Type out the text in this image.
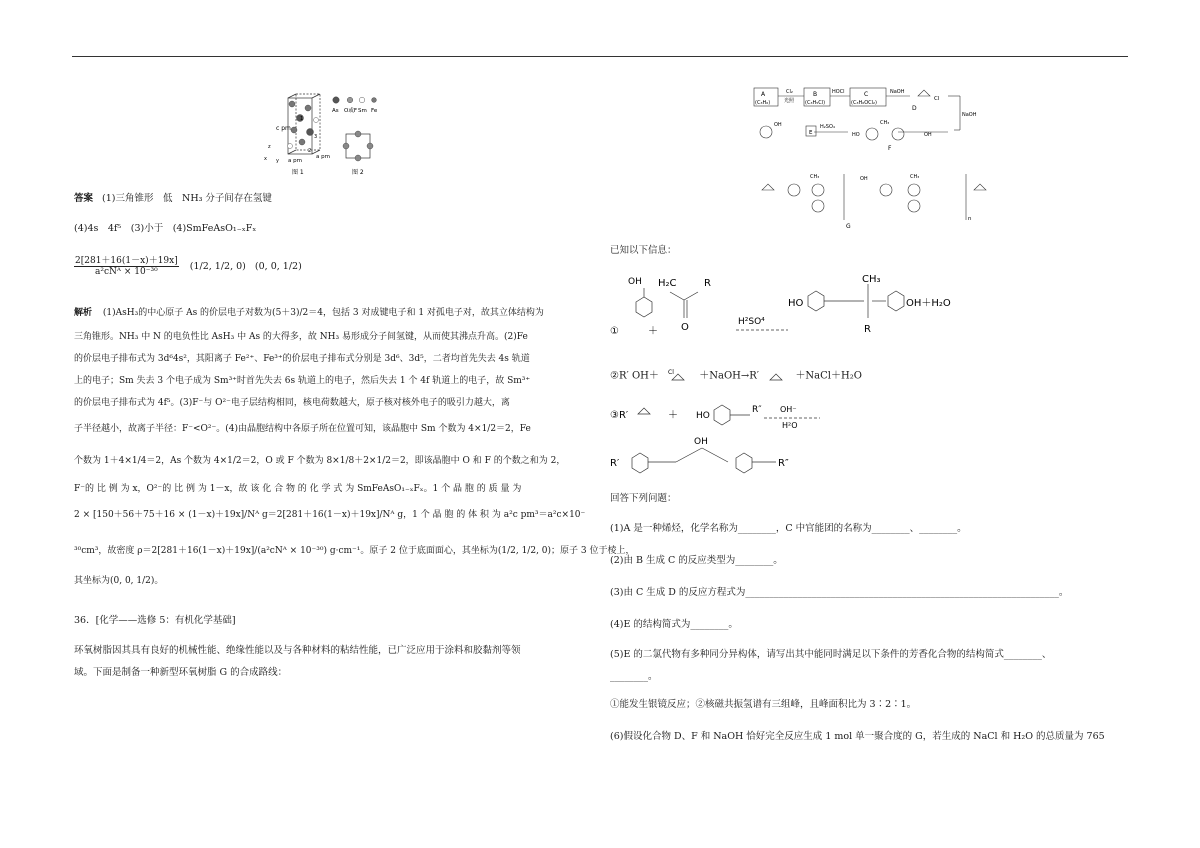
c pm
1
2
3
z
x y a pm
a pm
图 1
As O或F Sm Fe
图 2
答案 (1)三角锥形　低　NH₃ 分子间存在氢键
(4)4s　4f⁵　(3)小于　(4)SmFeAsO₁₋ₓFₓ
$\frac{2[281+16(1-x)+19x]}{\text{a²cNᴬ × 10⁻³⁰}} (1/2$, 1/2, 0) (0, 0, 1/2)
解析 (1)AsH₃的中心原子 As 的价层电子对数为(5＋3)/2＝4，包括 3 对成键电子和 1 对孤电子对，故其立体结构为
三角锥形。NH₃ 中 N 的电负性比 AsH₃ 中 As 的大得多，故 NH₃ 易形成分子间氢键，从而使其沸点升高。(2)Fe
的价层电子排布式为 3d⁶4s²，其阳离子 Fe²⁺、Fe³⁺的价层电子排布式分别是 3d⁶、3d⁵，二者均首先失去 4s 轨道
上的电子；Sm 失去 3 个电子成为 Sm³⁺时首先失去 6s 轨道上的电子，然后失去 1 个 4f 轨道上的电子，故 Sm³⁺
的价层电子排布式为 4f⁵。(3)F⁻与 O²⁻电子层结构相同，核电荷数越大，原子核对核外电子的吸引力越大，离
子半径越小，故离子半径：F⁻<O²⁻。(4)由晶胞结构中各原子所在位置可知，该晶胞中 Sm 个数为 4×1/2＝2，Fe
个数为 1＋4×1/4＝2，As 个数为 4×1/2＝2，O 或 F 个数为 8×1/8＋2×1/2＝2，即该晶胞中 O 和 F 的个数之和为 2，
F⁻的 比 例 为 x，O²⁻的 比 例 为 1－x，故 该 化 合 物 的 化 学 式 为 SmFeAsO₁₋ₓFₓ。1 个 晶 胞 的 质 量 为
2 × [150＋56＋75＋16 × (1－x)＋19x]/Nᴬ g＝2[281＋16(1－x)＋19x]/Nᴬ g，1 个 晶 胞 的 体 积 为 a²c pm³＝a²c×10⁻
³⁰cm³，故密度 ρ＝2[281＋16(1－x)＋19x]/(a²cNᴬ × 10⁻³⁰) g·cm⁻¹。原子 2 位于底面面心，其坐标为(1/2, 1/2, 0)；原子 3 位于棱上，
其坐标为(0, 0, 1/2)。
36．[化学——选修 5：有机化学基础]
环氧树脂因其具有良好的机械性能、绝缘性能以及与各种材料的粘结性能，已广泛应用于涂料和胶黏剂等领
域。下面是制备一种新型环氧树脂 G 的合成路线：
A
(C₃H₆)
B
(C₃H₅Cl)
C
(C₃H₆OCl₂)
Cl₂
光照
HOCl	NaOH
D
Cl
NaOH
OH
E
H₂SO₄
HO
CH₃
OH
F
CH₃	OH	CH₃
n
G
已知以下信息：
OH
①	＋
H₂C	R
O	H²SO⁴
HO
CH₃
R
OH＋H₂O
②R′ OH＋ Cl	＋NaOH→R′	＋NaCl＋H₂O
③R′	＋ HO
R″ OH⁻
H²O
R′
OH
R″
回答下列问题：
(1)A 是一种烯烃，化学名称为________，C 中官能团的名称为________、________。
(2)由 B 生成 C 的反应类型为________。
(3)由 C 生成 D 的反应方程式为__________________________________________________________________。
(4)E 的结构简式为________。
(5)E 的二氯代物有多种同分异构体，请写出其中能同时满足以下条件的芳香化合物的结构简式________、
________。
①能发生银镜反应；②核磁共振氢谱有三组峰，且峰面积比为 3∶2∶1。
(6)假设化合物 D、F 和 NaOH 恰好完全反应生成 1 mol 单一聚合度的 G，若生成的 NaCl 和 H₂O 的总质量为 765
